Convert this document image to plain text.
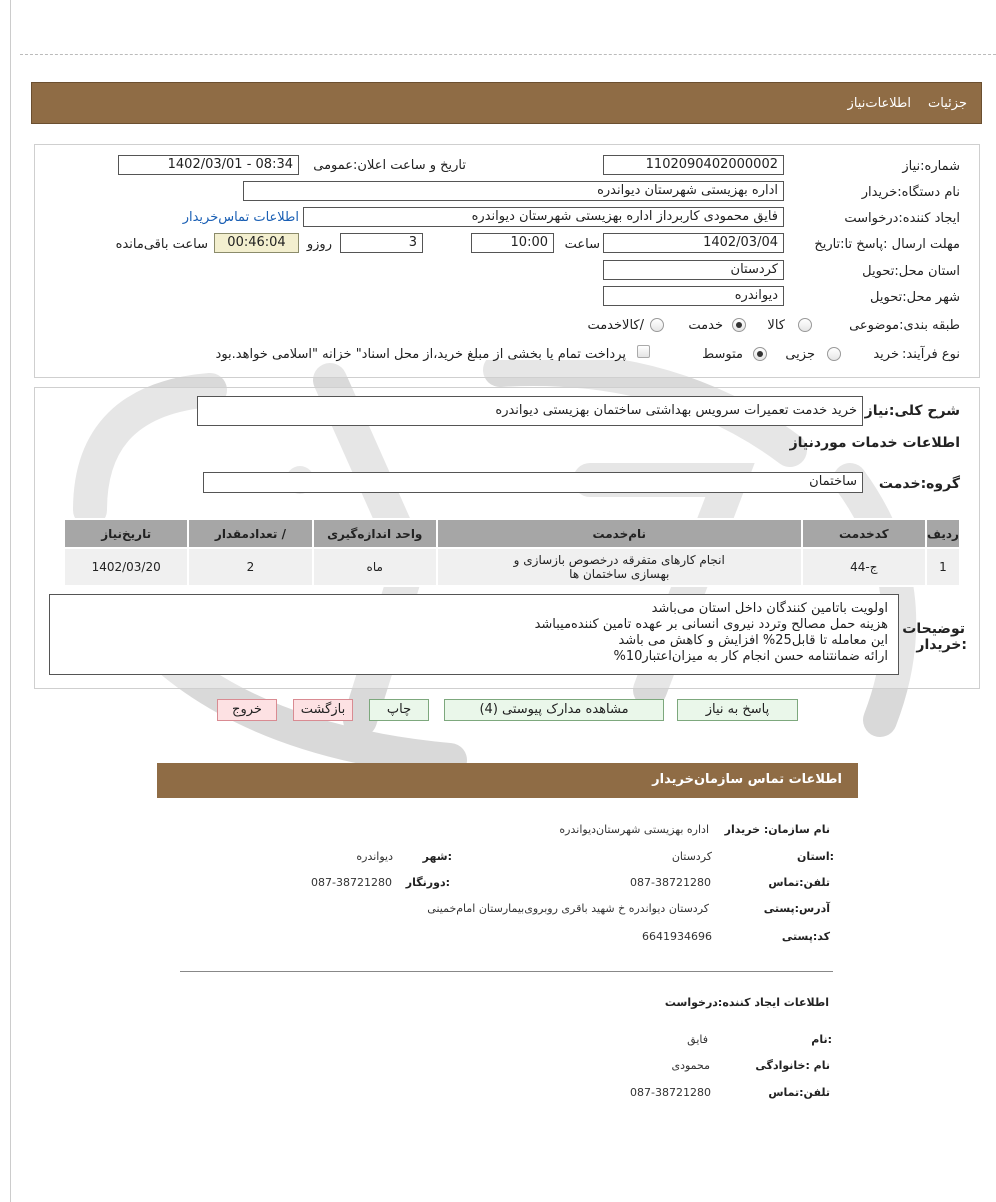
جزئیات
اطلاعات‌نیاز
شماره:نیاز
1102090402000002
تاریخ و ساعت اعلان:عمومی
1402/03/01 - 08:34
نام دستگاه:خریدار
اداره بهزیستی شهرستان دیواندره
ایجاد کننده:درخواست
فایق محمودی کاربرداز اداره بهزیستی شهرستان دیواندره
اطلاعات تماس‌خریدار
مهلت ارسال :پاسخ تا:تاریخ
1402/03/04
ساعت
10:00
3
روزو
00:46:04
ساعت باقی‌مانده
استان محل:تحویل
کردستان
شهر محل:تحویل
دیواندره
طبقه بندی:موضوعی
کالا
خدمت
/کالاخدمت
نوع فرآیند:
خرید
جزیی
متوسط
پرداخت تمام یا بخشی از مبلغ خرید،از محل اسناد" خزانه "اسلامی خواهد.بود
شرح کلی:نیاز
خرید خدمت تعمیرات سرویس بهداشتی ساختمان بهزیستی دیواندره
اطلاعات خدمات موردنیاز
گروه:خدمت
ساختمان
ردیف	کدخدمت	نام‌خدمت	واحد اندازه‌گیری	/ تعدادمقدار	تاریخ‌نیاز
1	ج-44	انجام کارهای متفرقه درخصوص بازسازی و بهسازی ساختمان ها	ماه	2	1402/03/20
توضیحات
:خریدار
اولویت باتامین کنندگان داخل استان می‌باشد
هزینه حمل مصالح وتردد نیروی انسانی بر عهده تامین کننده‌میباشد
این معامله تا قابل25% افزایش و کاهش می باشد
ارائه ضمانتنامه حسن انجام کار به میزان‌اعتبار10%
پاسخ به نیاز
مشاهده مدارک پیوستی (4)
چاپ
بازگشت
خروج
اطلاعات تماس سازمان‌خریدار
نام سازمان: خریدار
اداره بهزیستی شهرستان‌دیواندره
:استان
کردستان
:شهر
دیواندره
تلفن:تماس
087-38721280
:دورنگار
087-38721280
آدرس:پستی
کردستان دیواندره خ شهید باقری روبروی‌بیمارستان امام‌خمینی
کد:پستی
6641934696
اطلاعات ایجاد کننده:درخواست
:نام
فایق
نام :خانوادگی
محمودی
تلفن:تماس
087-38721280
